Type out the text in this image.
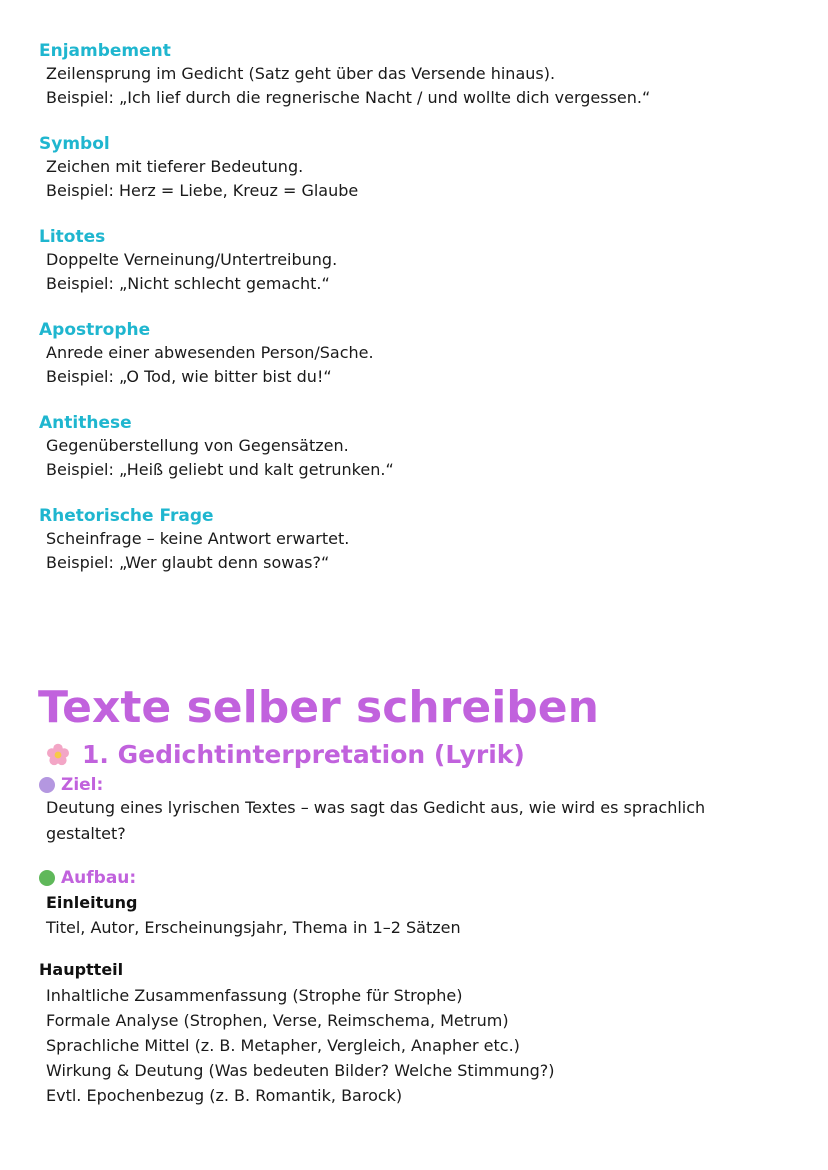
Enjambement

Zeilensprung im Gedicht (Satz geht über das Versende hinaus).

Beispiel: „Ich lief durch die regnerische Nacht / und wollte dich vergessen.“

Symbol

Zeichen mit tieferer Bedeutung.

Beispiel: Herz = Liebe, Kreuz = Glaube

Litotes

Doppelte Verneinung/Untertreibung.

Beispiel: „Nicht schlecht gemacht.“

Apostrophe

Anrede einer abwesenden Person/Sache.

Beispiel: „O Tod, wie bitter bist du!“

Antithese

Gegenüberstellung von Gegensätzen.

Beispiel: „Heiß geliebt und kalt getrunken.“

Rhetorische Frage

Scheinfrage – keine Antwort erwartet.

Beispiel: „Wer glaubt denn sowas?“

Texte selber schreiben
1. Gedichtinterpretation (Lyrik)
Ziel:

Deutung eines lyrischen Textes – was sagt das Gedicht aus, wie wird es sprachlich gestaltet?

Aufbau:

Einleitung

Titel, Autor, Erscheinungsjahr, Thema in 1–2 Sätzen

Hauptteil

Inhaltliche Zusammenfassung (Strophe für Strophe)
Formale Analyse (Strophen, Verse, Reimschema, Metrum)
Sprachliche Mittel (z. B. Metapher, Vergleich, Anapher etc.)
Wirkung & Deutung (Was bedeuten Bilder? Welche Stimmung?)
Evtl. Epochenbezug (z. B. Romantik, Barock)
